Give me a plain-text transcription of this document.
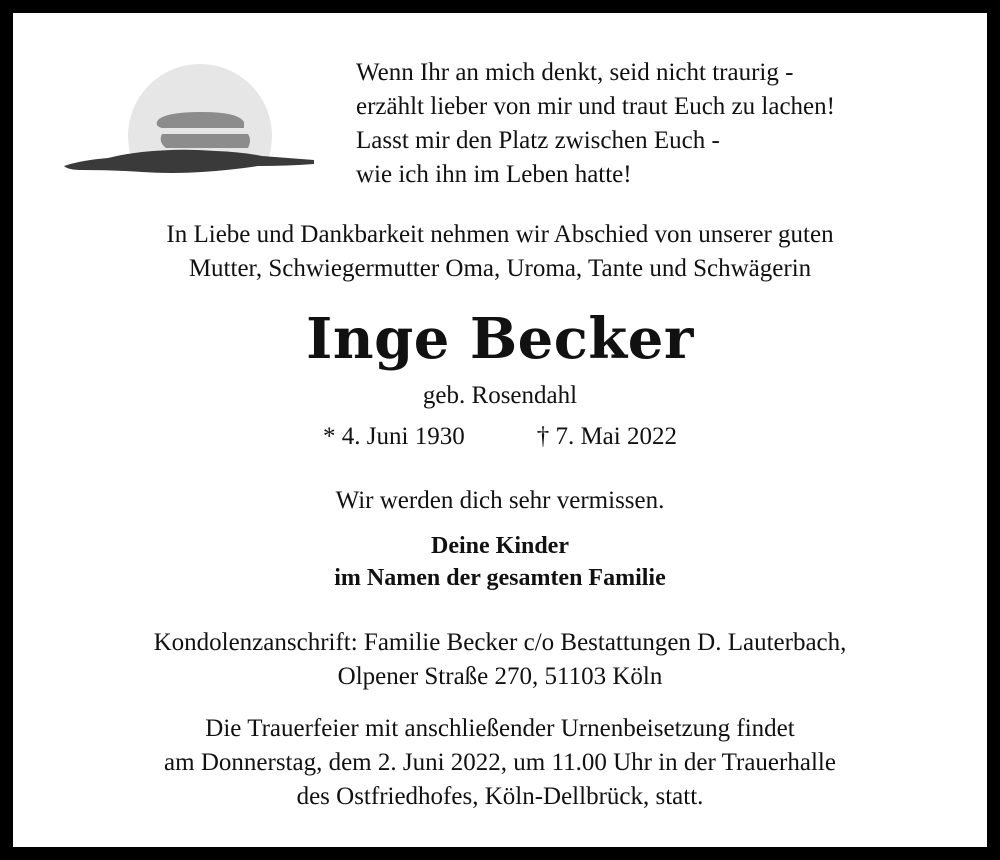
Wenn Ihr an mich denkt, seid nicht traurig -
erzählt lieber von mir und traut Euch zu lachen!
Lasst mir den Platz zwischen Euch -
wie ich ihn im Leben hatte!
In Liebe und Dankbarkeit nehmen wir Abschied von unserer guten
Mutter, Schwiegermutter Oma, Uroma, Tante und Schwägerin
Inge Becker
geb. Rosendahl
* 4. Juni 1930	† 7. Mai 2022
Wir werden dich sehr vermissen.
Deine Kinder
im Namen der gesamten Familie
Kondolenzanschrift: Familie Becker c/o Bestattungen D. Lauterbach,
Olpener Straße 270, 51103 Köln
Die Trauerfeier mit anschließender Urnenbeisetzung findet
am Donnerstag, dem 2. Juni 2022, um 11.00 Uhr in der Trauerhalle
des Ostfriedhofes, Köln-Dellbrück, statt.
